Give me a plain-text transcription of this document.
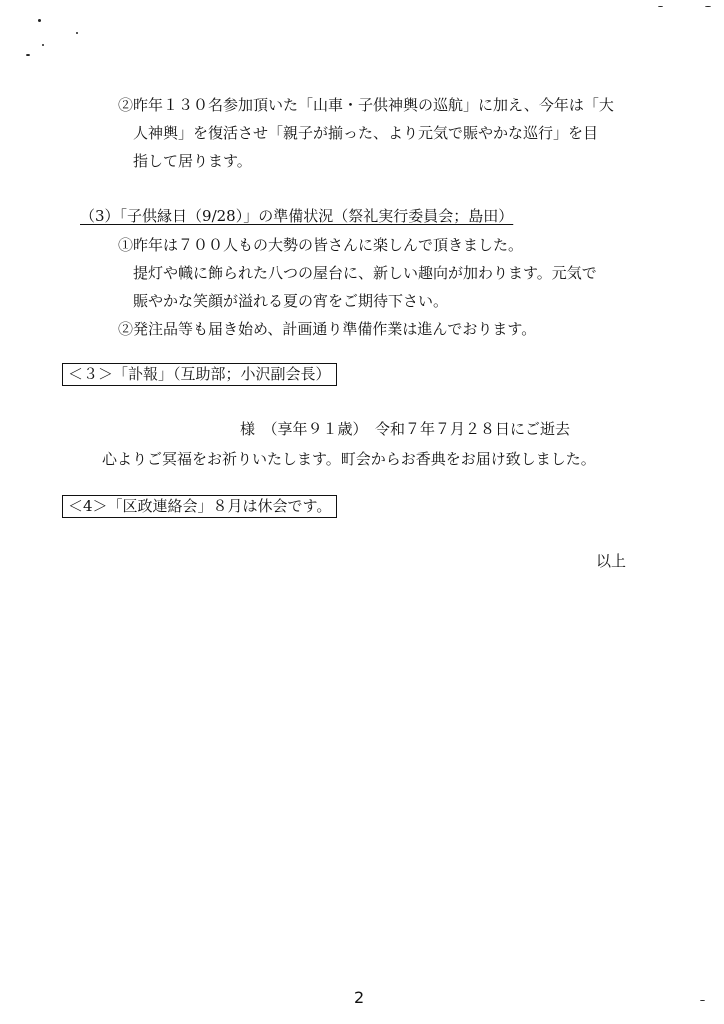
②昨年１３０名参加頂いた「山車・子供神輿の巡航」に加え、今年は「大
人神輿」を復活させ「親子が揃った、より元気で賑やかな巡行」を目
指して居ります。
（3）「子供縁日（9/28）」の準備状況（祭礼実行委員会；島田）
①昨年は７００人もの大勢の皆さんに楽しんで頂きました。
提灯や幟に飾られた八つの屋台に、新しい趣向が加わります。元気で
賑やかな笑顔が溢れる夏の宵をご期待下さい。
②発注品等も届き始め、計画通り準備作業は進んでおります。
＜３＞「訃報」（互助部；小沢副会長）
様　（享年９１歳）　令和７年７月２８日にご逝去
心よりご冥福をお祈りいたします。町会からお香典をお届け致しました。
＜4＞「区政連絡会」８月は休会です。
以上
2
